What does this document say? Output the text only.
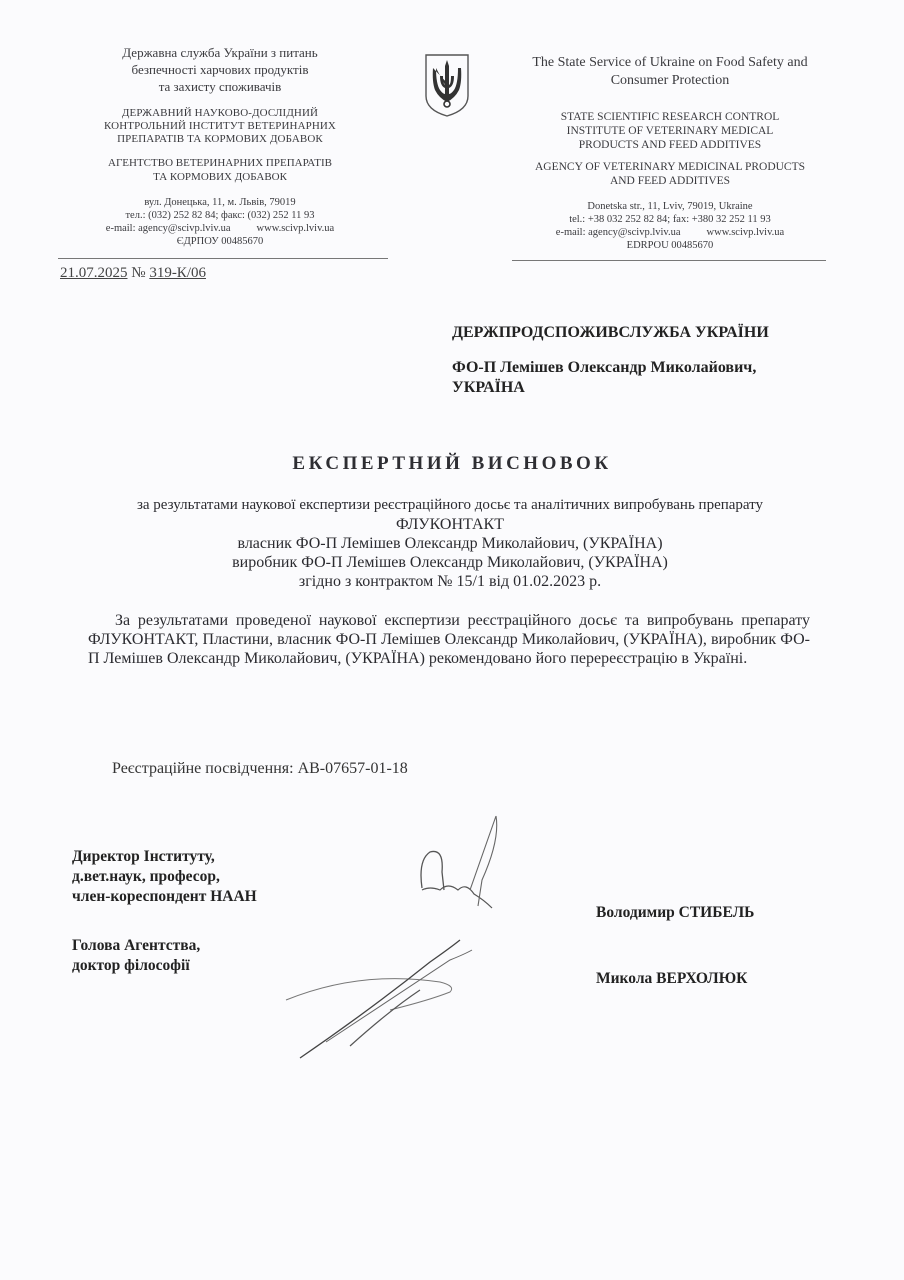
Державна служба України з питань
безпечності харчових продуктів
та захисту споживачів
ДЕРЖАВНИЙ НАУКОВО-ДОСЛІДНИЙ
КОНТРОЛЬНИЙ ІНСТИТУТ ВЕТЕРИНАРНИХ
ПРЕПАРАТІВ ТА КОРМОВИХ ДОБАВОК
АГЕНТСТВО ВЕТЕРИНАРНИХ ПРЕПАРАТІВ
ТА КОРМОВИХ ДОБАВОК
вул. Донецька, 11, м. Львів, 79019
тел.: (032) 252 82 84; факс: (032) 252 11 93
e-mail: agency@scivp.lviv.ua www.scivp.lviv.ua
ЄДРПОУ 00485670
The State Service of Ukraine on Food Safety and
Consumer Protection
STATE SCIENTIFIC RESEARCH CONTROL
INSTITUTE OF VETERINARY MEDICAL
PRODUCTS AND FEED ADDITIVES
AGENCY OF VETERINARY MEDICINAL PRODUCTS
AND FEED ADDITIVES
Donetska str., 11, Lviv, 79019, Ukraine
tel.: +38 032 252 82 84; fax: +380 32 252 11 93
e-mail: agency@scivp.lviv.ua www.scivp.lviv.ua
EDRPOU 00485670
21.07.2025 № 319-К/06
ДЕРЖПРОДСПОЖИВСЛУЖБА УКРАЇНИ
ФО-П Лемішев Олександр Миколайович,
УКРАЇНА
ЕКСПЕРТНИЙ ВИСНОВОК
за результатами наукової експертизи реєстраційного досьє та аналітичних випробувань препарату
ФЛУКОНТАКТ
власник ФО-П Лемішев Олександр Миколайович, (УКРАЇНА)
виробник ФО-П Лемішев Олександр Миколайович, (УКРАЇНА)
згідно з контрактом № 15/1 від 01.02.2023 р.
За результатами проведеної наукової експертизи реєстраційного досьє та випробувань препарату ФЛУКОНТАКТ, Пластини, власник ФО-П Лемішев Олександр Миколайович, (УКРАЇНА), виробник ФО-П Лемішев Олександр Миколайович, (УКРАЇНА) рекомендовано його перереєстрацію в Україні.
Реєстраційне посвідчення: АВ-07657-01-18
Директор Інституту,
д.вет.наук, професор,
член-кореспондент НААН
Володимир СТИБЕЛЬ
Голова Агентства,
доктор філософії
Микола ВЕРХОЛЮК
